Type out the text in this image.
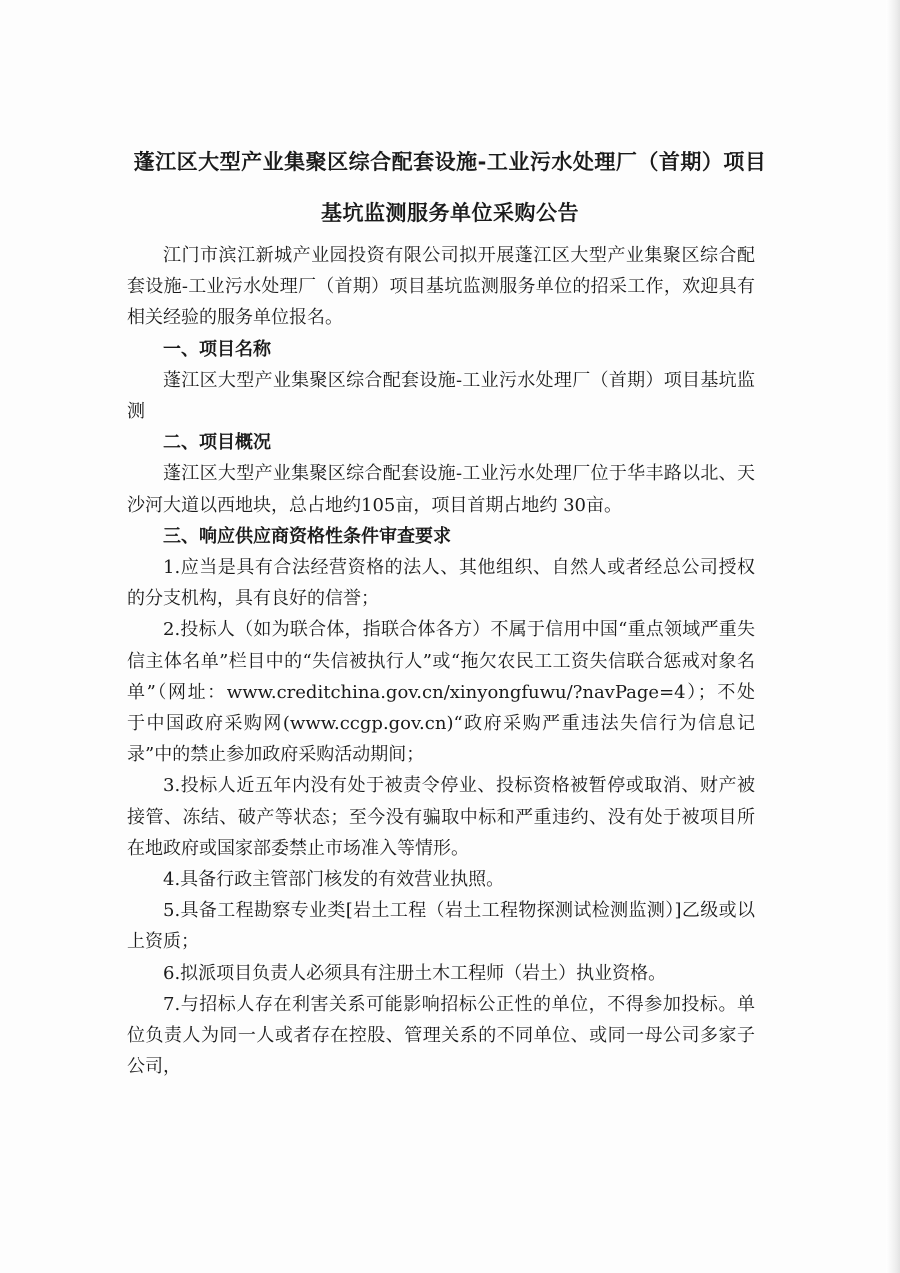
蓬江区大型产业集聚区综合配套设施-工业污水处理厂（首期）项目
基坑监测服务单位采购公告

江门市滨江新城产业园投资有限公司拟开展蓬江区大型产业集聚区综合配套设施-工业污水处理厂（首期）项目基坑监测服务单位的招采工作，欢迎具有相关经验的服务单位报名。

一、项目名称

蓬江区大型产业集聚区综合配套设施-工业污水处理厂（首期）项目基坑监测

二、项目概况

蓬江区大型产业集聚区综合配套设施-工业污水处理厂位于华丰路以北、天沙河大道以西地块，总占地约105亩，项目首期占地约 30亩。

三、响应供应商资格性条件审查要求

1.应当是具有合法经营资格的法人、其他组织、自然人或者经总公司授权的分支机构，具有良好的信誉；

2.投标人（如为联合体，指联合体各方）不属于信用中国“重点领域严重失信主体名单”栏目中的“失信被执行人”或“拖欠农民工工资失信联合惩戒对象名单”（网址：www.creditchina.gov.cn/xinyongfuwu/?navPage=4）；不处于中国政府采购网(www.ccgp.gov.cn)“政府采购严重违法失信行为信息记录”中的禁止参加政府采购活动期间；

3.投标人近五年内没有处于被责令停业、投标资格被暂停或取消、财产被接管、冻结、破产等状态；至今没有骗取中标和严重违约、没有处于被项目所在地政府或国家部委禁止市场准入等情形。

4.具备行政主管部门核发的有效营业执照。

5.具备工程勘察专业类[岩土工程（岩土工程物探测试检测监测）]乙级或以上资质；

6.拟派项目负责人必须具有注册土木工程师（岩土）执业资格。

7.与招标人存在利害关系可能影响招标公正性的单位，不得参加投标。单位负责人为同一人或者存在控股、管理关系的不同单位、或同一母公司多家子公司，
